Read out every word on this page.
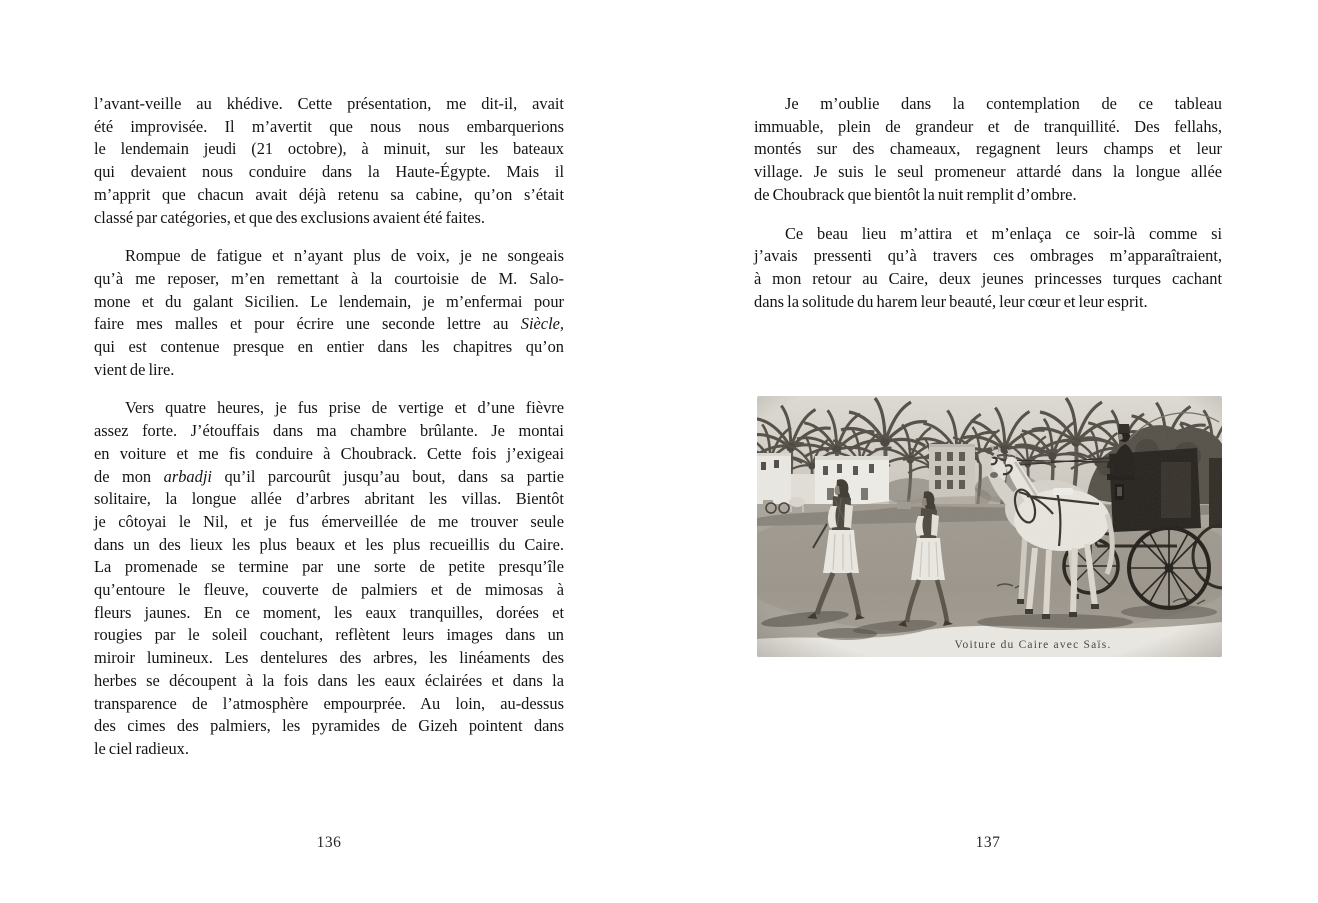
l’avant-veille au khédive. Cette présentation, me dit-il, avait
été improvisée. Il m’avertit que nous nous embarquerions
le lendemain jeudi (21 octobre), à minuit, sur les bateaux
qui devaient nous conduire dans la Haute-Égypte. Mais il
m’apprit que chacun avait déjà retenu sa cabine, qu’on s’était
classé par catégories, et que des exclusions avaient été faites.
Rompue de fatigue et n’ayant plus de voix, je ne songeais
qu’à me reposer, m’en remettant à la courtoisie de M. Salo-
mone et du galant Sicilien. Le lendemain, je m’enfermai pour
faire mes malles et pour écrire une seconde lettre au Siècle,
qui est contenue presque en entier dans les chapitres qu’on
vient de lire.
Vers quatre heures, je fus prise de vertige et d’une fièvre
assez forte. J’étouffais dans ma chambre brûlante. Je montai
en voiture et me fis conduire à Choubrack. Cette fois j’exigeai
de mon arbadji qu’il parcourût jusqu’au bout, dans sa partie
solitaire, la longue allée d’arbres abritant les villas. Bientôt
je côtoyai le Nil, et je fus émerveillée de me trouver seule
dans un des lieux les plus beaux et les plus recueillis du Caire.
La promenade se termine par une sorte de petite presqu’île
qu’entoure le fleuve, couverte de palmiers et de mimosas à
fleurs jaunes. En ce moment, les eaux tranquilles, dorées et
rougies par le soleil couchant, reflètent leurs images dans un
miroir lumineux. Les dentelures des arbres, les linéaments des
herbes se découpent à la fois dans les eaux éclairées et dans la
transparence de l’atmosphère empourprée. Au loin, au-dessus
des cimes des palmiers, les pyramides de Gizeh pointent dans
le ciel radieux.
Je m’oublie dans la contemplation de ce tableau
immuable, plein de grandeur et de tranquillité. Des fellahs,
montés sur des chameaux, regagnent leurs champs et leur
village. Je suis le seul promeneur attardé dans la longue allée
de Choubrack que bientôt la nuit remplit d’ombre.
Ce beau lieu m’attira et m’enlaça ce soir-là comme si
j’avais pressenti qu’à travers ces ombrages m’apparaîtraient,
à mon retour au Caire, deux jeunes princesses turques cachant
dans la solitude du harem leur beauté, leur cœur et leur esprit.
136	137
